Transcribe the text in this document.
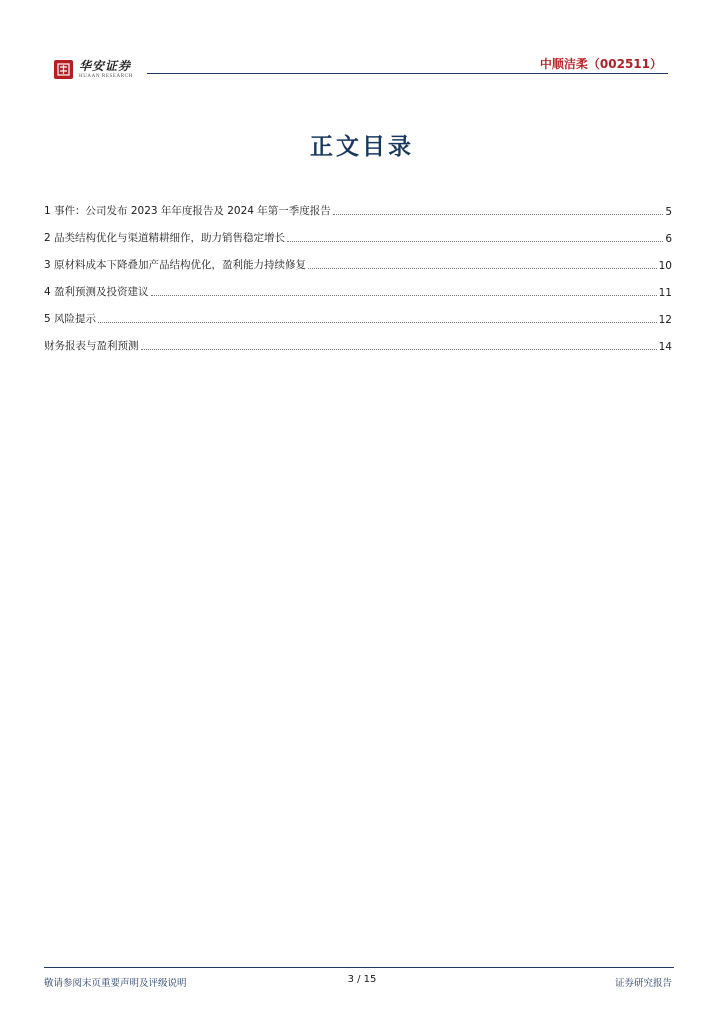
华安证券
HUAAN RESEARCH
中顺洁柔（002511）
正文目录
1 事件：公司发布 2023 年年度报告及 2024 年第一季度报告	5
2 品类结构优化与渠道精耕细作，助力销售稳定增长	6
3 原材料成本下降叠加产品结构优化，盈利能力持续修复	10
4 盈利预测及投资建议	11
5 风险提示	12
财务报表与盈利预测	14
敬请参阅末页重要声明及评级说明	3 / 15	证券研究报告
